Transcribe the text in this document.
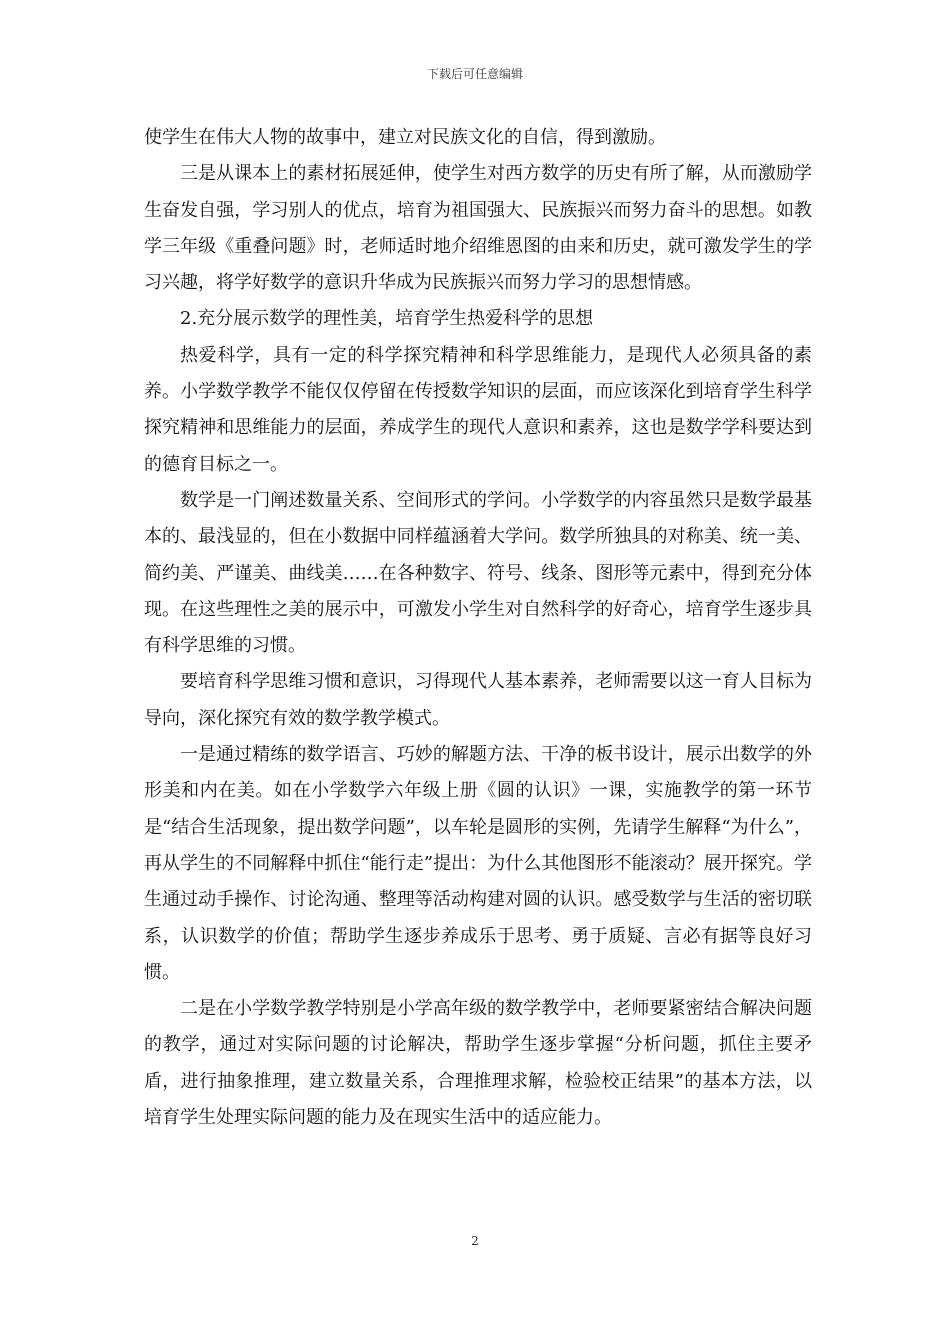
下载后可任意编辑

使学生在伟大人物的故事中，建立对民族文化的自信，得到激励。

三是从课本上的素材拓展延伸，使学生对西方数学的历史有所了解，从而激励学生奋发自强，学习别人的优点，培育为祖国强大、民族振兴而努力奋斗的思想。如教学三年级《重叠问题》时，老师适时地介绍维恩图的由来和历史，就可激发学生的学习兴趣，将学好数学的意识升华成为民族振兴而努力学习的思想情感。

2.充分展示数学的理性美，培育学生热爱科学的思想

热爱科学，具有一定的科学探究精神和科学思维能力，是现代人必须具备的素养。小学数学教学不能仅仅停留在传授数学知识的层面，而应该深化到培育学生科学探究精神和思维能力的层面，养成学生的现代人意识和素养，这也是数学学科要达到的德育目标之一。

数学是一门阐述数量关系、空间形式的学问。小学数学的内容虽然只是数学最基本的、最浅显的，但在小数据中同样蕴涵着大学问。数学所独具的对称美、统一美、简约美、严谨美、曲线美……在各种数字、符号、线条、图形等元素中，得到充分体现。在这些理性之美的展示中，可激发小学生对自然科学的好奇心，培育学生逐步具有科学思维的习惯。

要培育科学思维习惯和意识，习得现代人基本素养，老师需要以这一育人目标为导向，深化探究有效的数学教学模式。

一是通过精练的数学语言、巧妙的解题方法、干净的板书设计，展示出数学的外形美和内在美。如在小学数学六年级上册《圆的认识》一课，实施教学的第一环节是“结合生活现象，提出数学问题”，以车轮是圆形的实例，先请学生解释“为什么”，再从学生的不同解释中抓住“能行走”提出：为什么其他图形不能滚动？展开探究。学生通过动手操作、讨论沟通、整理等活动构建对圆的认识。感受数学与生活的密切联系，认识数学的价值；帮助学生逐步养成乐于思考、勇于质疑、言必有据等良好习惯。

二是在小学数学教学特别是小学高年级的数学教学中，老师要紧密结合解决问题的教学，通过对实际问题的讨论解决，帮助学生逐步掌握“分析问题，抓住主要矛盾，进行抽象推理，建立数量关系，合理推理求解，检验校正结果”的基本方法，以培育学生处理实际问题的能力及在现实生活中的适应能力。

2
